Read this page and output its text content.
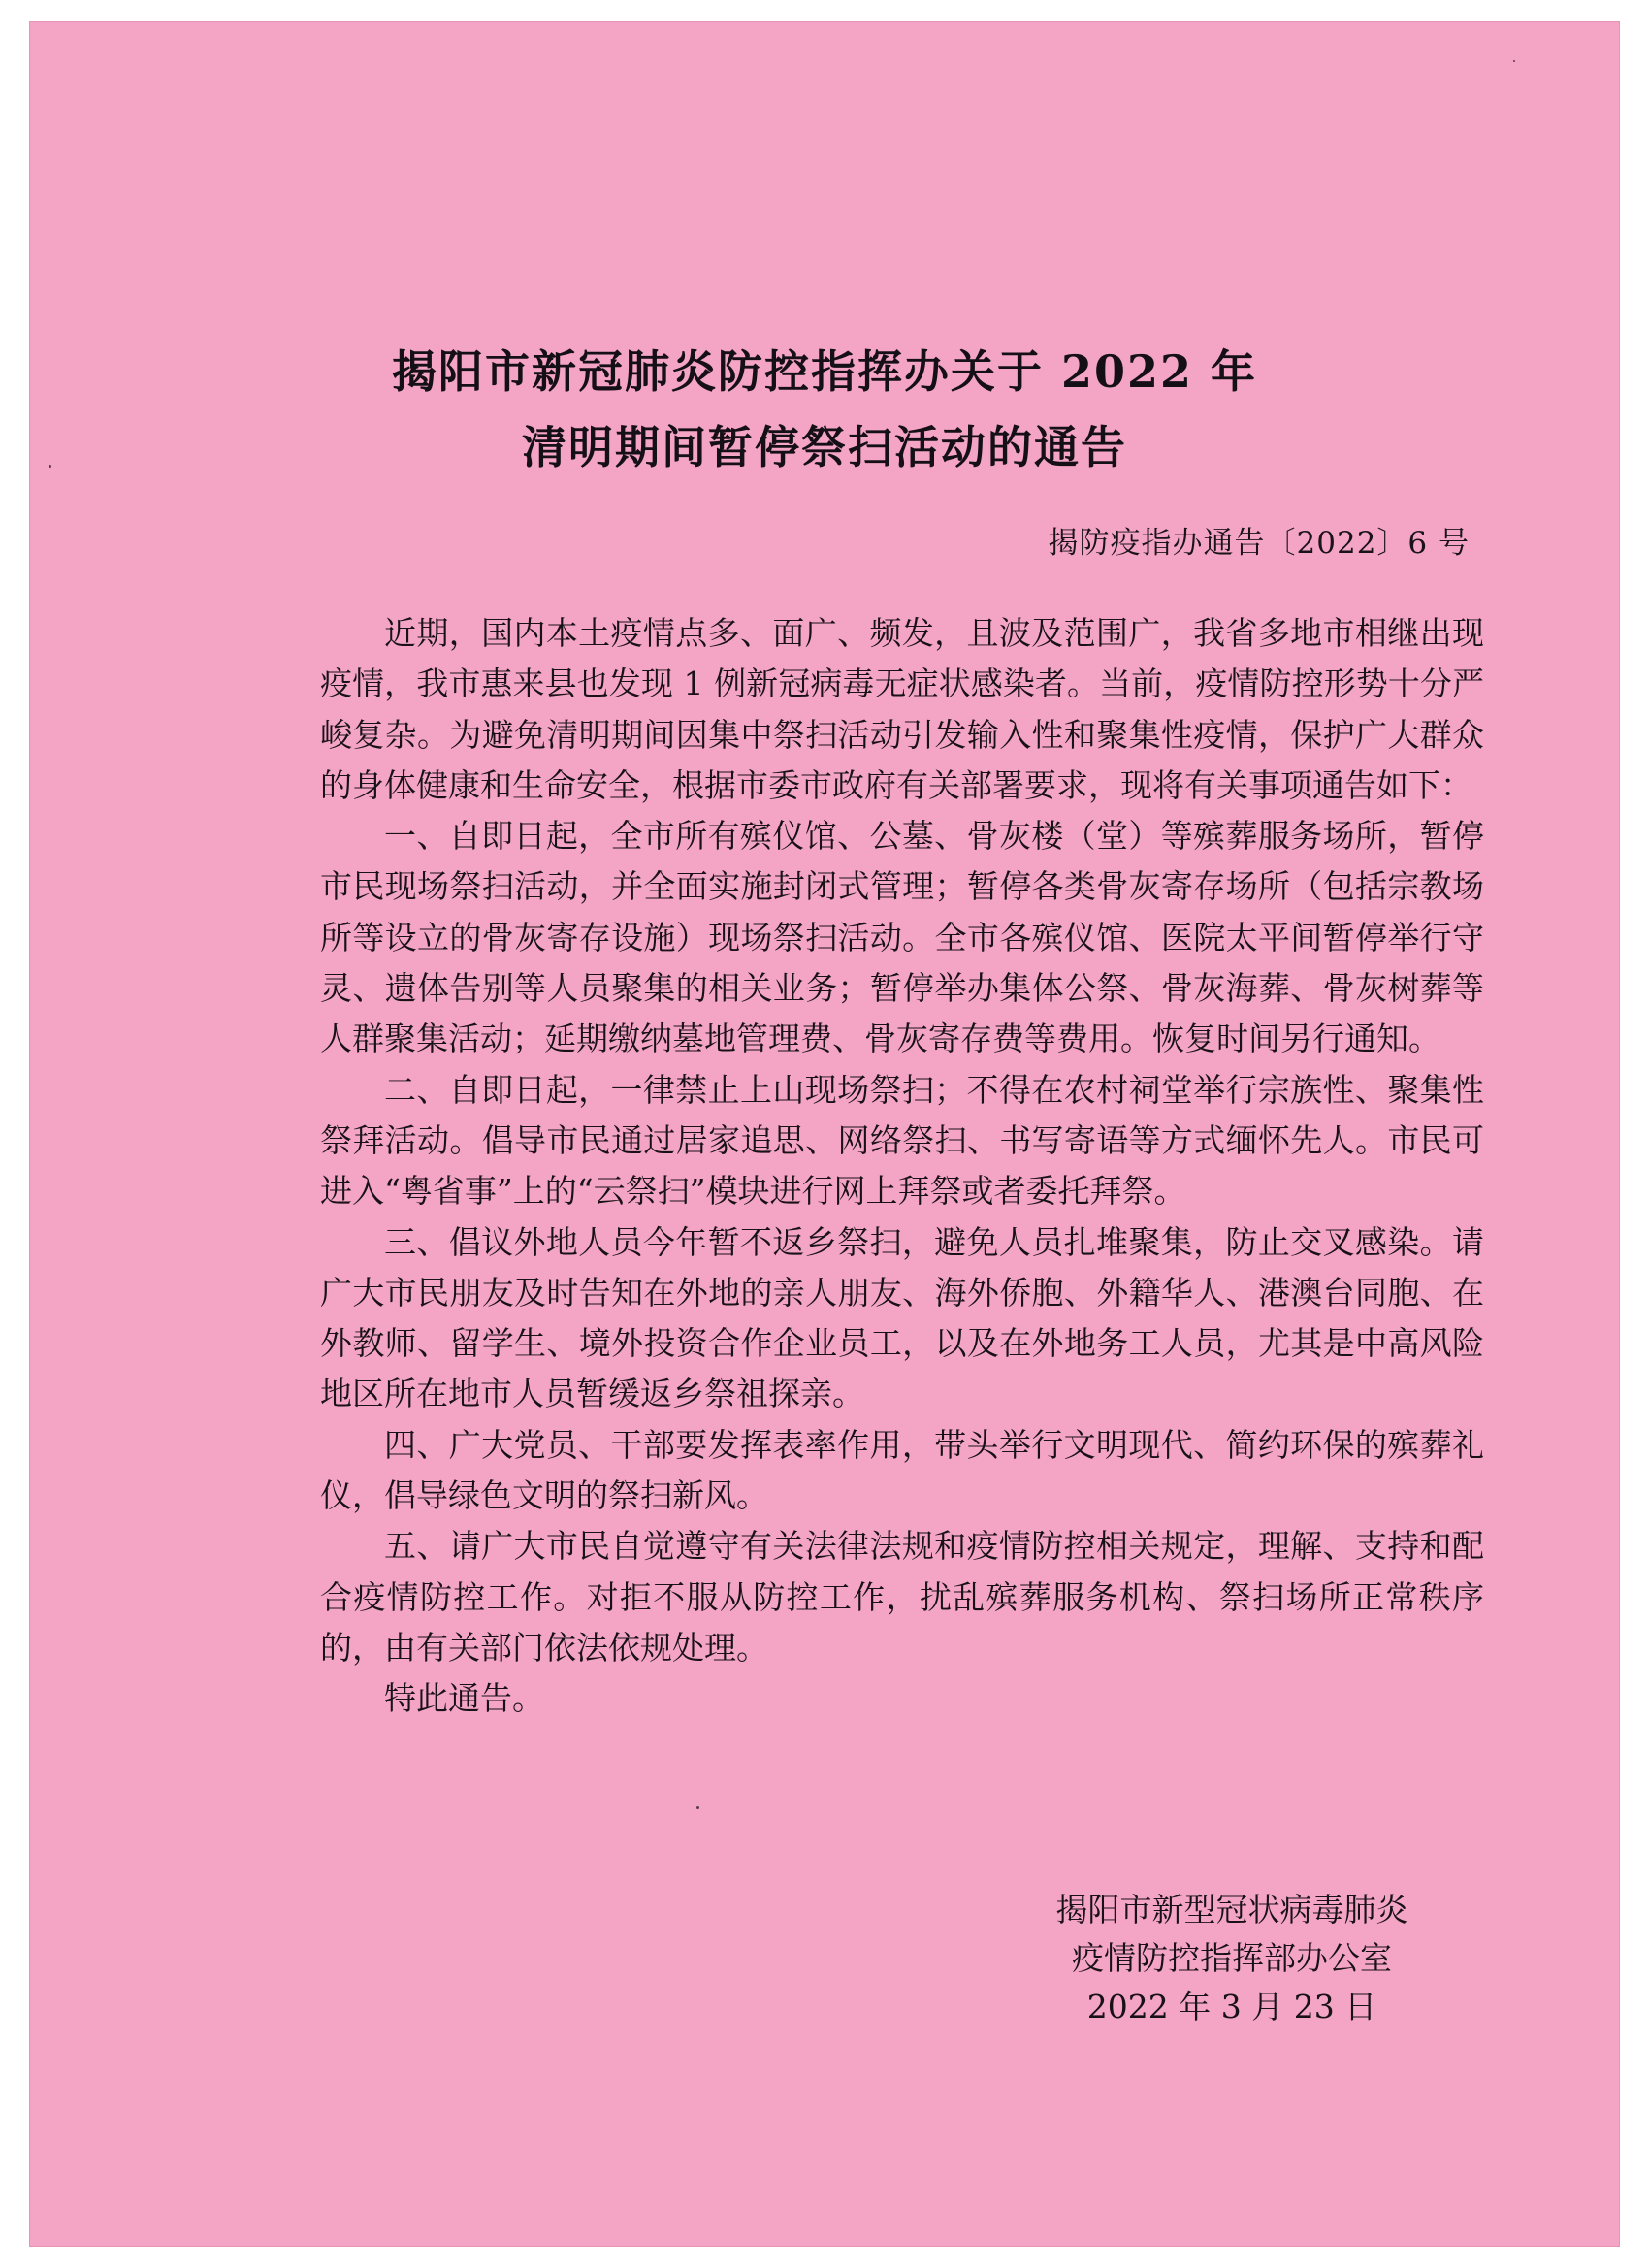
揭阳市新冠肺炎防控指挥办关于 2022 年
清明期间暂停祭扫活动的通告
揭防疫指办通告〔2022〕6 号

近期，国内本土疫情点多、面广、频发，且波及范围广，我省多地市相继出现疫情，我市惠来县也发现 1 例新冠病毒无症状感染者。当前，疫情防控形势十分严峻复杂。为避免清明期间因集中祭扫活动引发输入性和聚集性疫情，保护广大群众的身体健康和生命安全，根据市委市政府有关部署要求，现将有关事项通告如下：

一、自即日起，全市所有殡仪馆、公墓、骨灰楼（堂）等殡葬服务场所，暂停市民现场祭扫活动，并全面实施封闭式管理；暂停各类骨灰寄存场所（包括宗教场所等设立的骨灰寄存设施）现场祭扫活动。全市各殡仪馆、医院太平间暂停举行守灵、遗体告别等人员聚集的相关业务；暂停举办集体公祭、骨灰海葬、骨灰树葬等人群聚集活动；延期缴纳墓地管理费、骨灰寄存费等费用。恢复时间另行通知。

二、自即日起，一律禁止上山现场祭扫；不得在农村祠堂举行宗族性、聚集性祭拜活动。倡导市民通过居家追思、网络祭扫、书写寄语等方式缅怀先人。市民可进入“粤省事”上的“云祭扫”模块进行网上拜祭或者委托拜祭。

三、倡议外地人员今年暂不返乡祭扫，避免人员扎堆聚集，防止交叉感染。请广大市民朋友及时告知在外地的亲人朋友、海外侨胞、外籍华人、港澳台同胞、在外教师、留学生、境外投资合作企业员工，以及在外地务工人员，尤其是中高风险地区所在地市人员暂缓返乡祭祖探亲。

四、广大党员、干部要发挥表率作用，带头举行文明现代、简约环保的殡葬礼仪，倡导绿色文明的祭扫新风。

五、请广大市民自觉遵守有关法律法规和疫情防控相关规定，理解、支持和配合疫情防控工作。对拒不服从防控工作，扰乱殡葬服务机构、祭扫场所正常秩序的，由有关部门依法依规处理。

特此通告。

揭阳市新型冠状病毒肺炎
疫情防控指挥部办公室
2022 年 3 月 23 日
